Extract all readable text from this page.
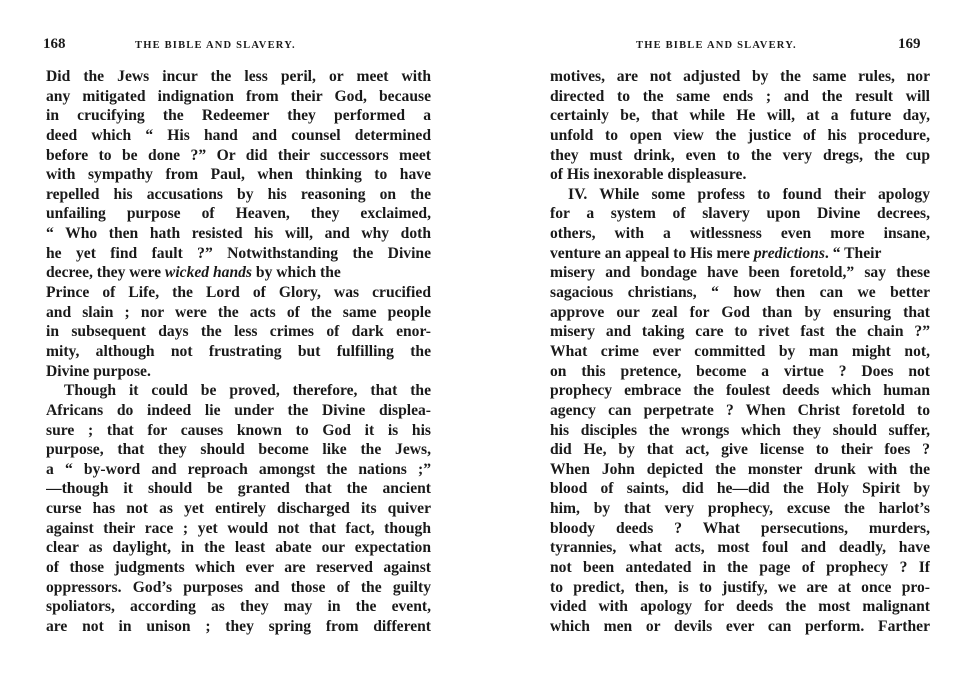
168	THE BIBLE AND SLAVERY.
Did the Jews incur the less peril, or meet with
any mitigated indignation from their God, because
in crucifying the Redeemer they performed a
deed which “ His hand and counsel determined
before to be done ?” Or did their successors meet
with sympathy from Paul, when thinking to have
repelled his accusations by his reasoning on the
unfailing purpose of Heaven, they exclaimed,
“ Who then hath resisted his will, and why doth
he yet find fault ?” Notwithstanding the Divine
decree, they were wicked hands by which the
Prince of Life, the Lord of Glory, was crucified
and slain ; nor were the acts of the same people
in subsequent days the less crimes of dark enor-
mity, although not frustrating but fulfilling the
Divine purpose.
Though it could be proved, therefore, that the
Africans do indeed lie under the Divine displea-
sure ; that for causes known to God it is his
purpose, that they should become like the Jews,
a “ by-word and reproach amongst the nations ;”
—though it should be granted that the ancient
curse has not as yet entirely discharged its quiver
against their race ; yet would not that fact, though
clear as daylight, in the least abate our expectation
of those judgments which ever are reserved against
oppressors. God’s purposes and those of the guilty
spoliators, according as they may in the event,
are not in unison ; they spring from different
THE BIBLE AND SLAVERY.	169
motives, are not adjusted by the same rules, nor
directed to the same ends ; and the result will
certainly be, that while He will, at a future day,
unfold to open view the justice of his procedure,
they must drink, even to the very dregs, the cup
of His inexorable displeasure.
IV. While some profess to found their apology
for a system of slavery upon Divine decrees,
others, with a witlessness even more insane,
venture an appeal to His mere predictions. “ Their
misery and bondage have been foretold,” say these
sagacious christians, “ how then can we better
approve our zeal for God than by ensuring that
misery and taking care to rivet fast the chain ?”
What crime ever committed by man might not,
on this pretence, become a virtue ? Does not
prophecy embrace the foulest deeds which human
agency can perpetrate ? When Christ foretold to
his disciples the wrongs which they should suffer,
did He, by that act, give license to their foes ?
When John depicted the monster drunk with the
blood of saints, did he—did the Holy Spirit by
him, by that very prophecy, excuse the harlot’s
bloody deeds ? What persecutions, murders,
tyrannies, what acts, most foul and deadly, have
not been antedated in the page of prophecy ? If
to predict, then, is to justify, we are at once pro-
vided with apology for deeds the most malignant
which men or devils ever can perform. Farther
